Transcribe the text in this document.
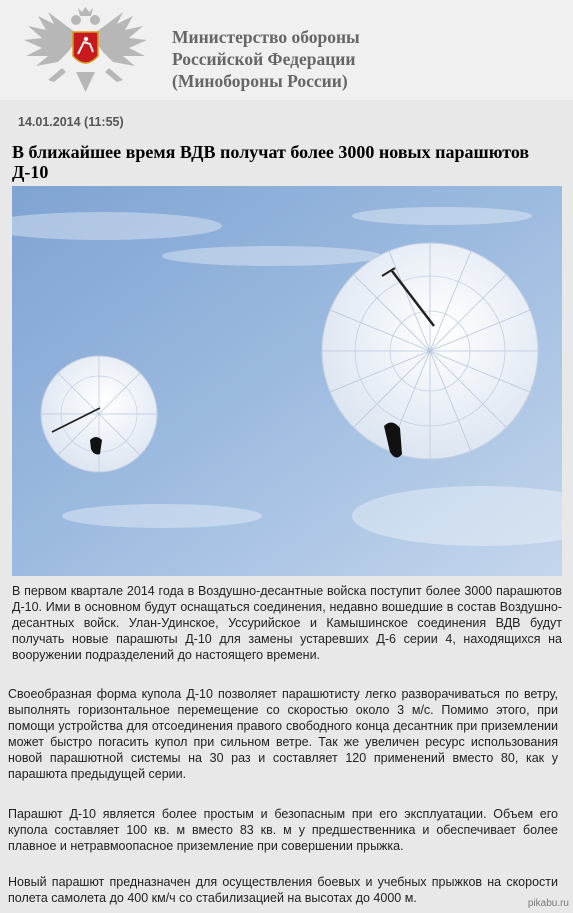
Министерство обороны
Российской Федерации
(Минобороны России)
14.01.2014 (11:55)
В ближайшее время ВДВ получат более 3000 новых парашютов Д-10

В первом квартале 2014 года в Воздушно-десантные войска поступит более 3000 парашютов Д-10. Ими в основном будут оснащаться соединения, недавно вошедшие в состав Воздушно-десантных войск. Улан-Удинское, Уссурийское и Камышинское соединения ВДВ будут получать новые парашюты Д-10 для замены устаревших Д-6 серии 4, находящихся на вооружении подразделений до настоящего времени.

Своеобразная форма купола Д-10 позволяет парашютисту легко разворачиваться по ветру, выполнять горизонтальное перемещение со скоростью около 3 м/с. Помимо этого, при помощи устройства для отсоединения правого свободного конца десантник при приземлении может быстро погасить купол при сильном ветре. Так же увеличен ресурс использования новой парашютной системы на 30 раз и составляет 120 применений вместо 80, как у парашюта предыдущей серии.

Парашют Д-10 является более простым и безопасным при его эксплуатации. Объем его купола составляет 100 кв. м вместо 83 кв. м у предшественника и обеспечивает более плавное и нетравмоопасное приземление при совершении прыжка.

Новый парашют предназначен для осуществления боевых и учебных прыжков на скорости полета самолета до 400 км/ч со стабилизацией на высотах до 4000 м.	pikabu.ru
